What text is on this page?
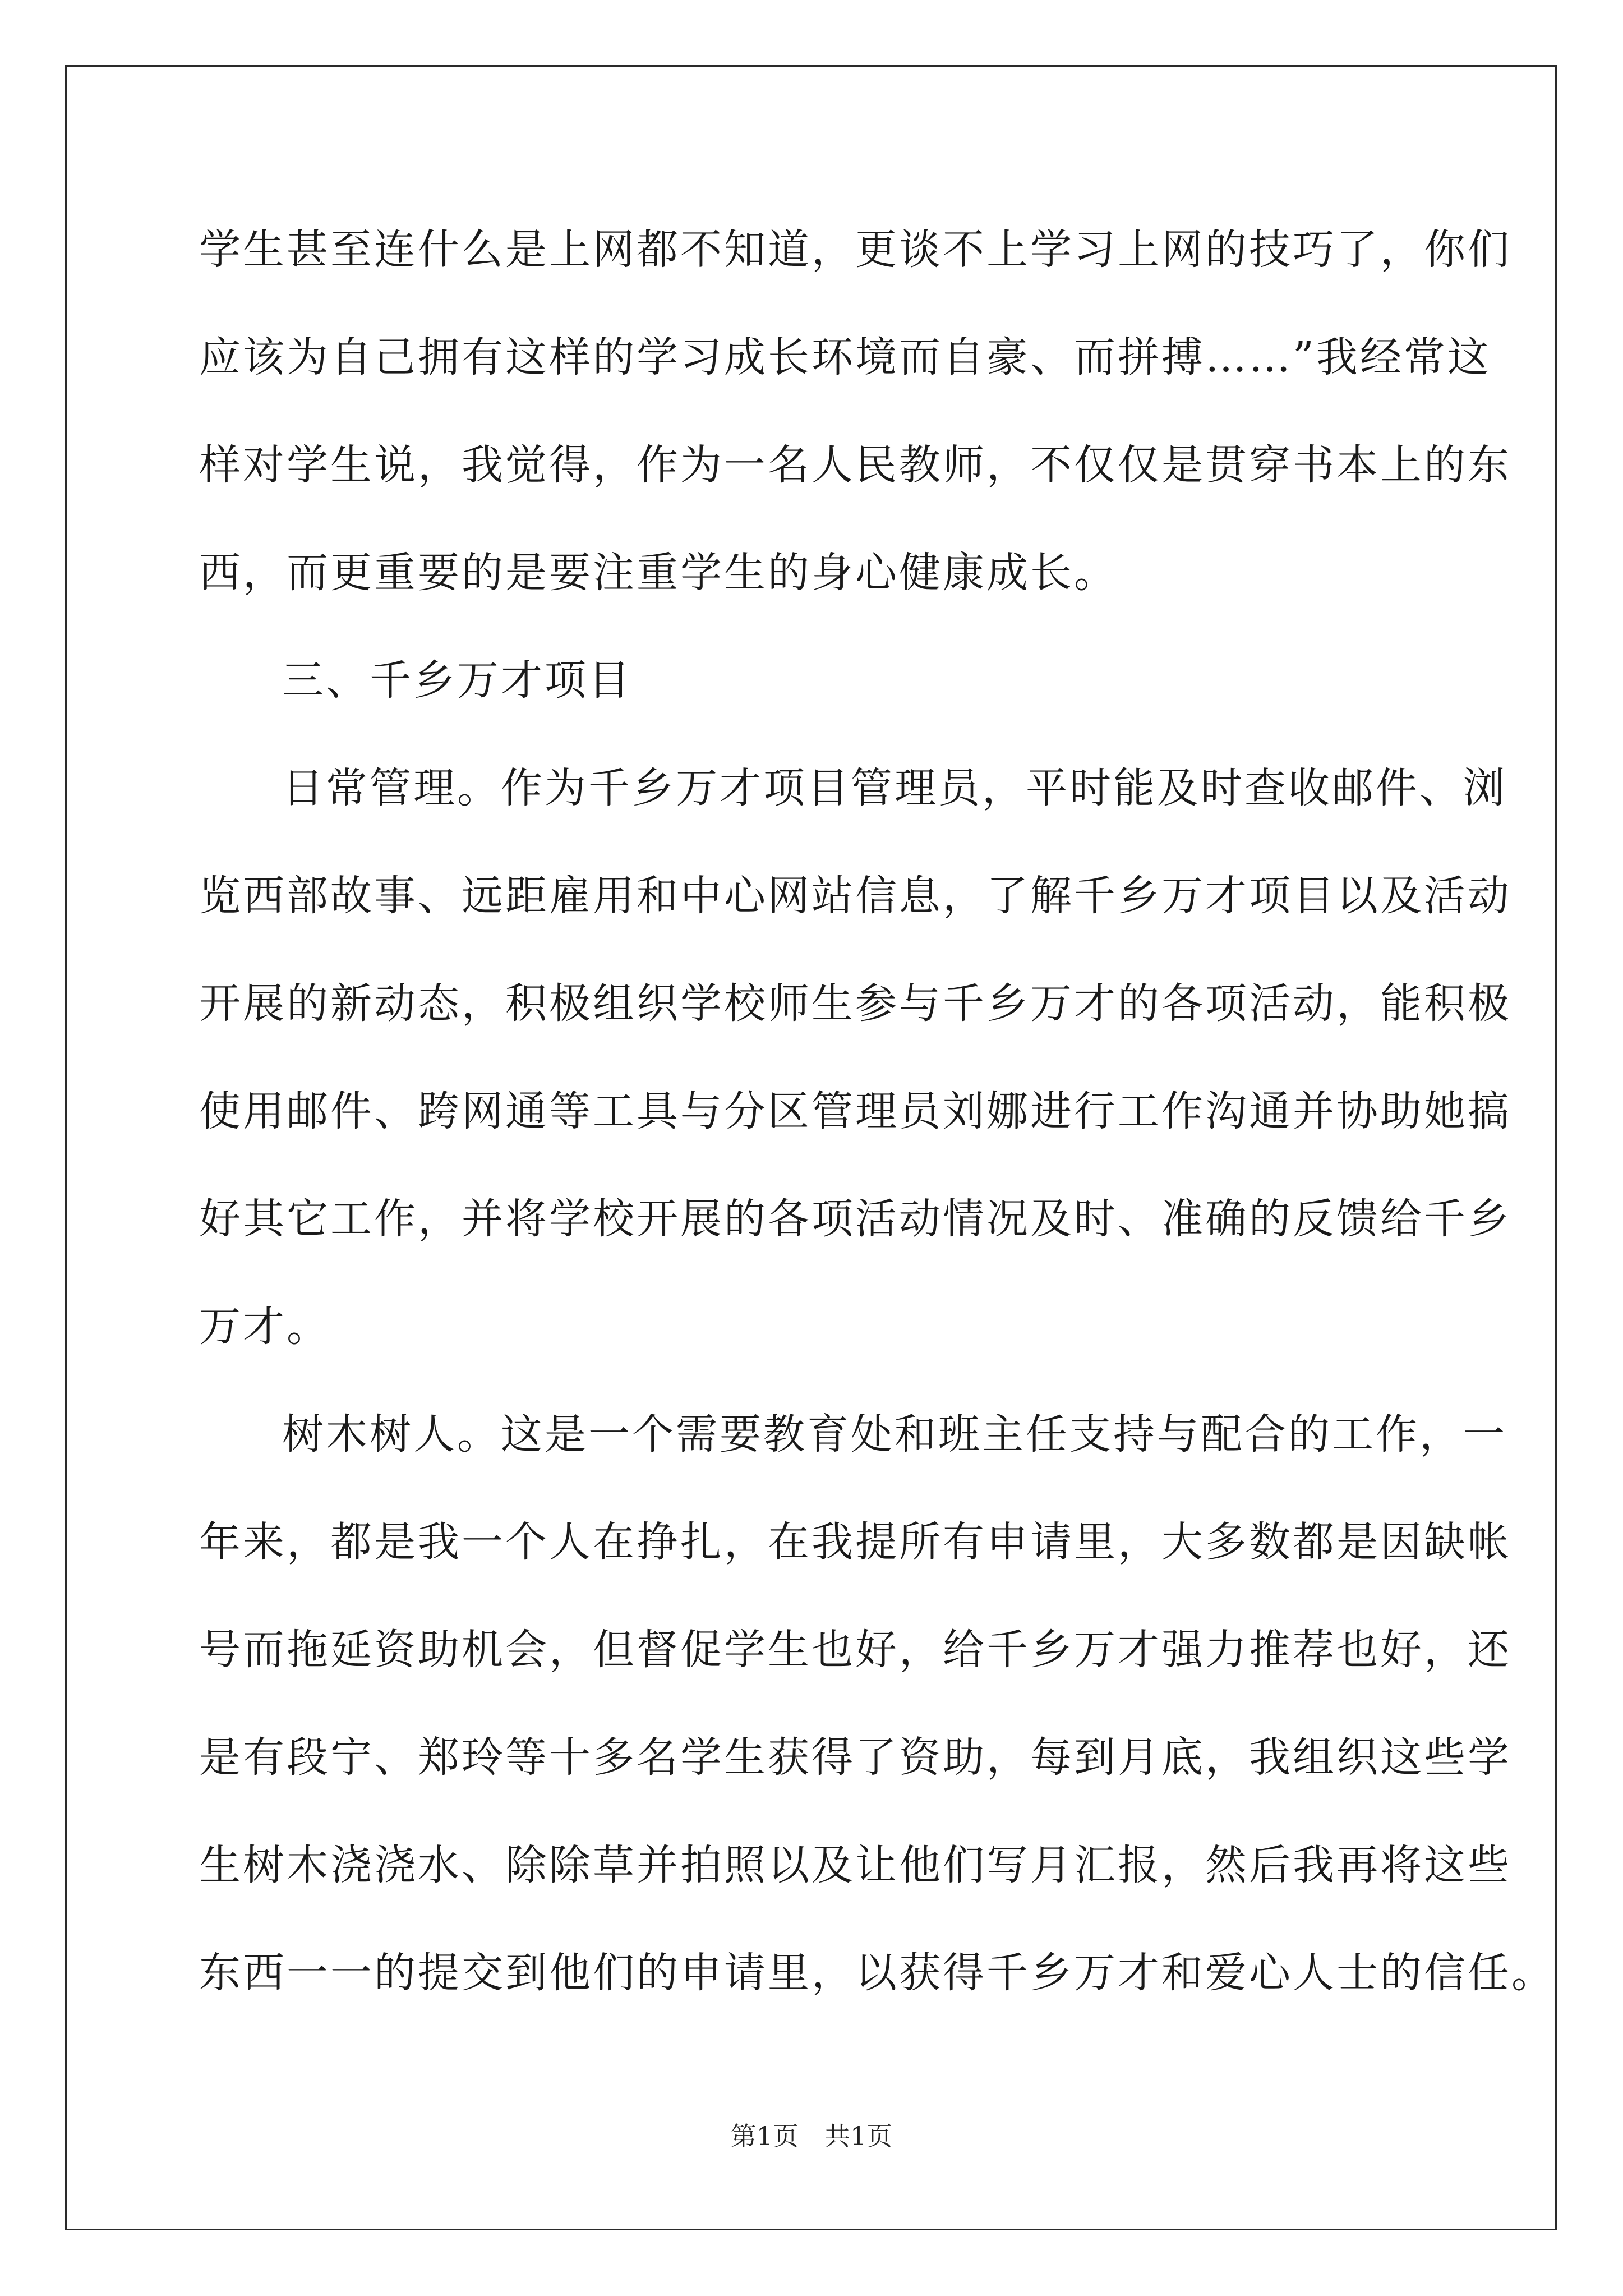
学生甚至连什么是上网都不知道，更谈不上学习上网的技巧了，你们
应该为自己拥有这样的学习成长环境而自豪、而拼搏……”我经常这
样对学生说，我觉得，作为一名人民教师，不仅仅是贯穿书本上的东
西，而更重要的是要注重学生的身心健康成长。
三、千乡万才项目
日常管理。作为千乡万才项目管理员，平时能及时查收邮件、浏
览西部故事、远距雇用和中心网站信息，了解千乡万才项目以及活动
开展的新动态，积极组织学校师生参与千乡万才的各项活动，能积极
使用邮件、跨网通等工具与分区管理员刘娜进行工作沟通并协助她搞
好其它工作，并将学校开展的各项活动情况及时、准确的反馈给千乡
万才。
树木树人。这是一个需要教育处和班主任支持与配合的工作，一
年来，都是我一个人在挣扎，在我提所有申请里，大多数都是因缺帐
号而拖延资助机会，但督促学生也好，给千乡万才强力推荐也好，还
是有段宁、郑玲等十多名学生获得了资助，每到月底，我组织这些学
生树木浇浇水、除除草并拍照以及让他们写月汇报，然后我再将这些
东西一一的提交到他们的申请里，以获得千乡万才和爱心人士的信任。
第1页 共1页
